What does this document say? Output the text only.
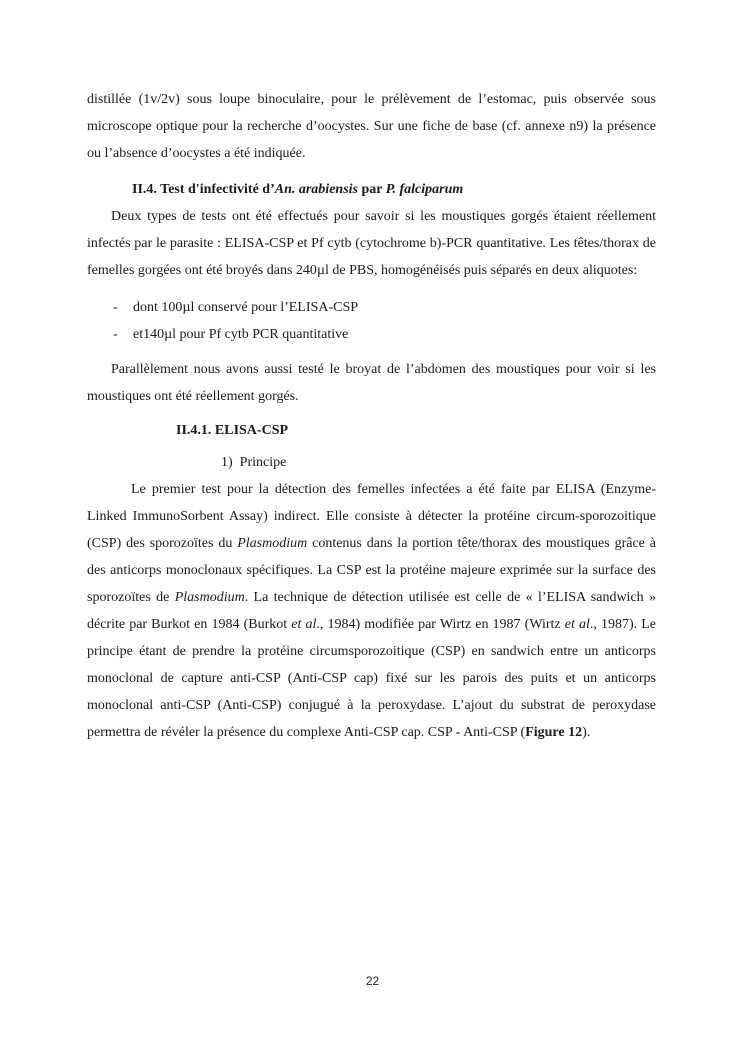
distillée (1v/2v) sous loupe binoculaire, pour le prélèvement de l’estomac, puis observée sous microscope optique pour la recherche d’oocystes. Sur une fiche de base (cf. annexe n9) la présence ou l’absence d’oocystes a été indiquée.

II.4. Test d'infectivité d’An. arabiensis par P. falciparum

Deux types de tests ont été effectués pour savoir si les moustiques gorgés étaient réellement infectés par le parasite : ELISA-CSP et Pf cytb (cytochrome b)-PCR quantitative. Les têtes/thorax de femelles gorgées ont été broyés dans 240µl de PBS, homogénéisés puis séparés en deux aliquotes:

- dont 100µl conservé pour l’ELISA-CSP
- et140µl pour Pf cytb PCR quantitative

Parallèlement nous avons aussi testé le broyat de l’abdomen des moustiques pour voir si les moustiques ont été réellement gorgés.

II.4.1. ELISA-CSP

1) Principe

Le premier test pour la détection des femelles infectées a été faite par ELISA (Enzyme-Linked ImmunoSorbent Assay) indirect. Elle consiste à détecter la protéine circum-sporozoitique (CSP) des sporozoïtes du Plasmodium contenus dans la portion tête/thorax des moustiques grâce à des anticorps monoclonaux spécifiques. La CSP est la protéine majeure exprimée sur la surface des sporozoïtes de Plasmodium. La technique de détection utilisée est celle de « l’ELISA sandwich » décrite par Burkot en 1984 (Burkot et al., 1984) modifiée par Wirtz en 1987 (Wirtz et al., 1987). Le principe étant de prendre la protéine circumsporozoitique (CSP) en sandwich entre un anticorps monoclonal de capture anti-CSP (Anti-CSP cap) fixé sur les parois des puits et un anticorps monoclonal anti-CSP (Anti-CSP) conjugué à la peroxydase. L’ajout du substrat de peroxydase permettra de révéler la présence du complexe Anti-CSP cap. CSP - Anti-CSP (Figure 12).

22
